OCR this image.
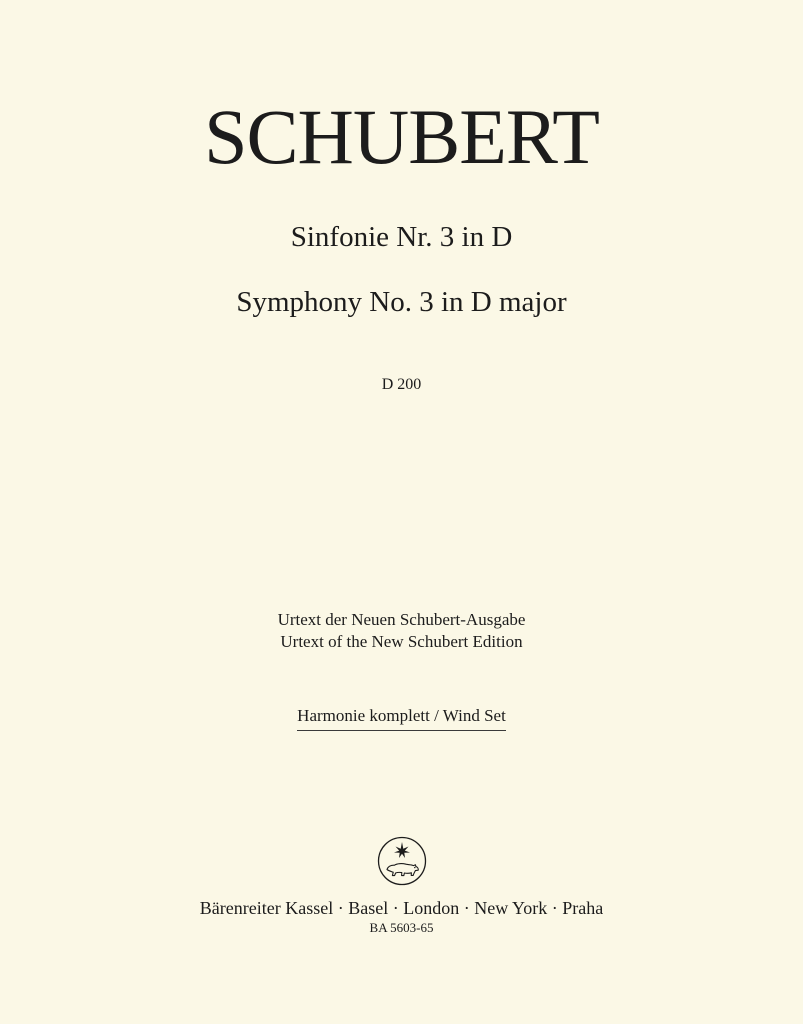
SCHUBERT
Sinfonie Nr. 3 in D
Symphony No. 3 in D major
D 200
Urtext der Neuen Schubert-Ausgabe
Urtext of the New Schubert Edition
Harmonie komplett / Wind Set
Bärenreiter Kassel · Basel · London · New York · Praha
BA 5603-65
